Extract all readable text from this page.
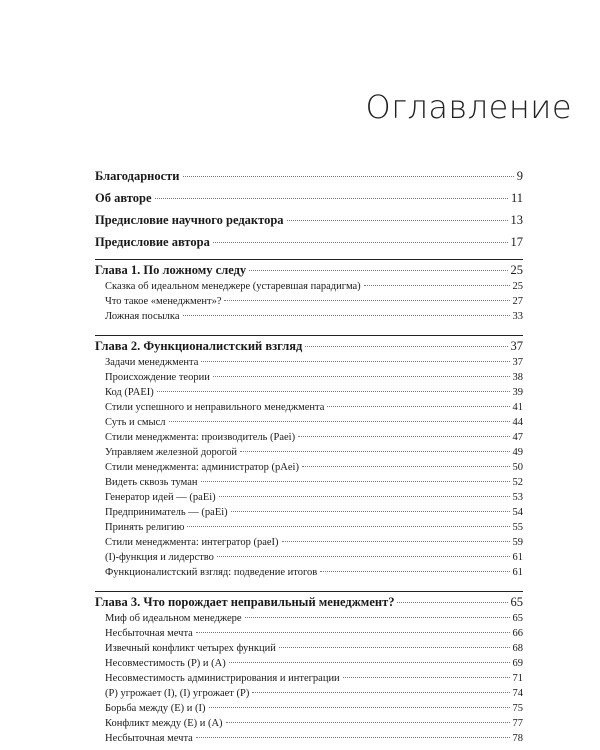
Оглавление
Благодарности	9
Об авторе	11
Предисловие научного редактора	13
Предисловие автора	17
Глава 1. По ложному следу	25
Сказка об идеальном менеджере (устаревшая парадигма)	25
Что такое «менеджмент»?	27
Ложная посылка	33
Глава 2. Функционалистский взгляд	37
Задачи менеджмента	37
Происхождение теории	38
Код (PAEI)	39
Стили успешного и неправильного менеджмента	41
Суть и смысл	44
Стили менеджмента: производитель (Paei)	47
Управляем железной дорогой	49
Стили менеджмента: администратор (pAei)	50
Видеть сквозь туман	52
Генератор идей — (paEi)	53
Предприниматель — (paEi)	54
Принять религию	55
Стили менеджмента: интегратор (paeI)	59
(I)-функция и лидерство	61
Функционалистский взгляд: подведение итогов	61
Глава 3. Что порождает неправильный менеджмент?	65
Миф об идеальном менеджере	65
Несбыточная мечта	66
Извечный конфликт четырех функций	68
Несовместимость (P) и (A)	69
Несовместимость администрирования и интеграции	71
(P) угрожает (I), (I) угрожает (P)	74
Борьба между (E) и (I)	75
Конфликт между (E) и (A)	77
Несбыточная мечта	78
